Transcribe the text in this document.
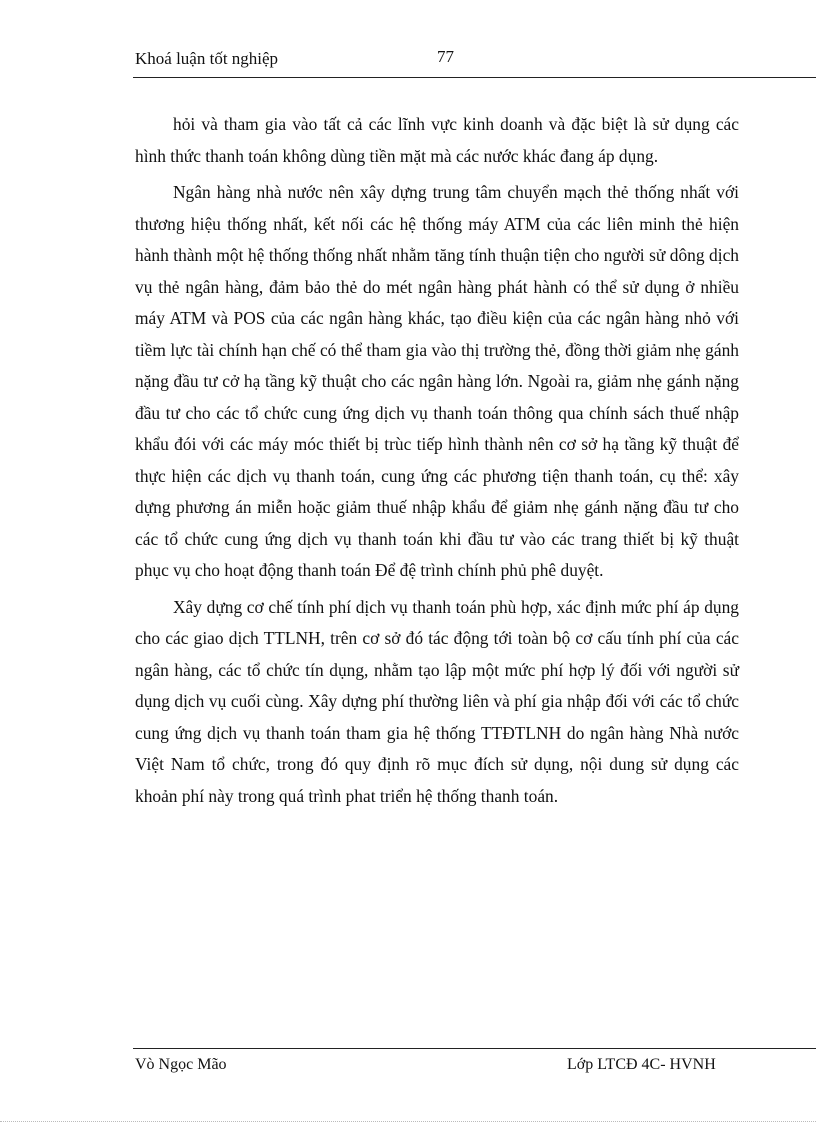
Khoá luận tốt nghiệp	77

hỏi và tham gia vào tất cả các lĩnh vực kinh doanh và đặc biệt là sử dụng các hình thức thanh toán không dùng tiền mặt mà các nước khác đang áp dụng.

Ngân hàng nhà nước nên xây dựng trung tâm chuyển mạch thẻ thống nhất với thương hiệu thống nhất, kết nối các hệ thống máy ATM của các liên minh thẻ hiện hành thành một hệ thống thống nhất nhằm tăng tính thuận tiện cho người sử dông dịch vụ thẻ ngân hàng, đảm bảo thẻ do mét ngân hàng phát hành có thể sử dụng ở nhiều máy ATM và POS của các ngân hàng khác, tạo điều kiện của các ngân hàng nhỏ với tiềm lực tài chính hạn chế có thể tham gia vào thị trường thẻ, đồng thời giảm nhẹ gánh nặng đầu tư cở hạ tầng kỹ thuật cho các ngân hàng lớn. Ngoài ra, giảm nhẹ gánh nặng đầu tư cho các tổ chức cung ứng dịch vụ thanh toán thông qua chính sách thuế nhập khẩu đói với các máy móc thiết bị trùc tiếp hình thành nên cơ sở hạ tầng kỹ thuật để thực hiện các dịch vụ thanh toán, cung ứng các phương tiện thanh toán, cụ thể: xây dựng phương án miễn hoặc giảm thuế nhập khẩu để giảm nhẹ gánh nặng đầu tư cho các tổ chức cung ứng dịch vụ thanh toán khi đầu tư vào các trang thiết bị kỹ thuật phục vụ cho hoạt động thanh toán Để đệ trình chính phủ phê duyệt.

Xây dựng cơ chế tính phí dịch vụ thanh toán phù hợp, xác định mức phí áp dụng cho các giao dịch TTLNH, trên cơ sở đó tác động tới toàn bộ cơ cấu tính phí của các ngân hàng, các tổ chức tín dụng, nhằm tạo lập một mức phí hợp lý đối với người sử dụng dịch vụ cuối cùng. Xây dựng phí thường liên và phí gia nhập đối với các tổ chức cung ứng dịch vụ thanh toán tham gia hệ thống TTĐTLNH do ngân hàng Nhà nước Việt Nam tổ chức, trong đó quy định rõ mục đích sử dụng, nội dung sử dụng các khoản phí này trong quá trình phat triển hệ thống thanh toán.

Vò Ngọc Mão	Lớp LTCĐ 4C- HVNH
